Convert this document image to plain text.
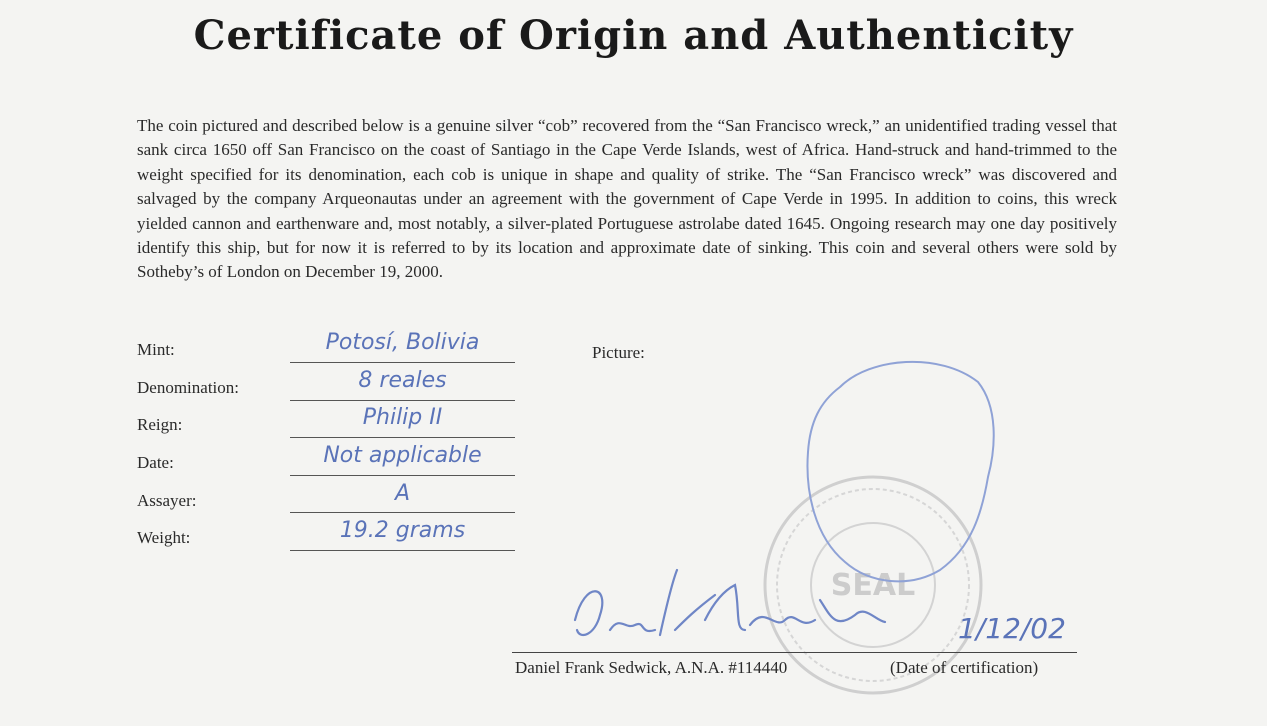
Certificate of Origin and Authenticity
The coin pictured and described below is a genuine silver “cob” recovered from the “San Francisco wreck,” an unidentified trading vessel that sank circa 1650 off San Francisco on the coast of Santiago in the Cape Verde Islands, west of Africa. Hand-struck and hand-trimmed to the weight specified for its denomination, each cob is unique in shape and quality of strike. The “San Francisco wreck” was discovered and salvaged by the company Arqueonautas under an agreement with the government of Cape Verde in 1995. In addition to coins, this wreck yielded cannon and earthenware and, most notably, a silver-plated Portuguese astrolabe dated 1645. Ongoing research may one day positively identify this ship, but for now it is referred to by its location and approximate date of sinking. This coin and several others were sold by Sotheby’s of London on December 19, 2000.
Mint:	Potosí, Bolivia
Denomination:	8 reales
Reign:	Philip II
Date:	Not applicable
Assayer:	A
Weight:	19.2 grams
Picture:
SEAL
1/12/02
Daniel Frank Sedwick, A.N.A. #114440	(Date of certification)
